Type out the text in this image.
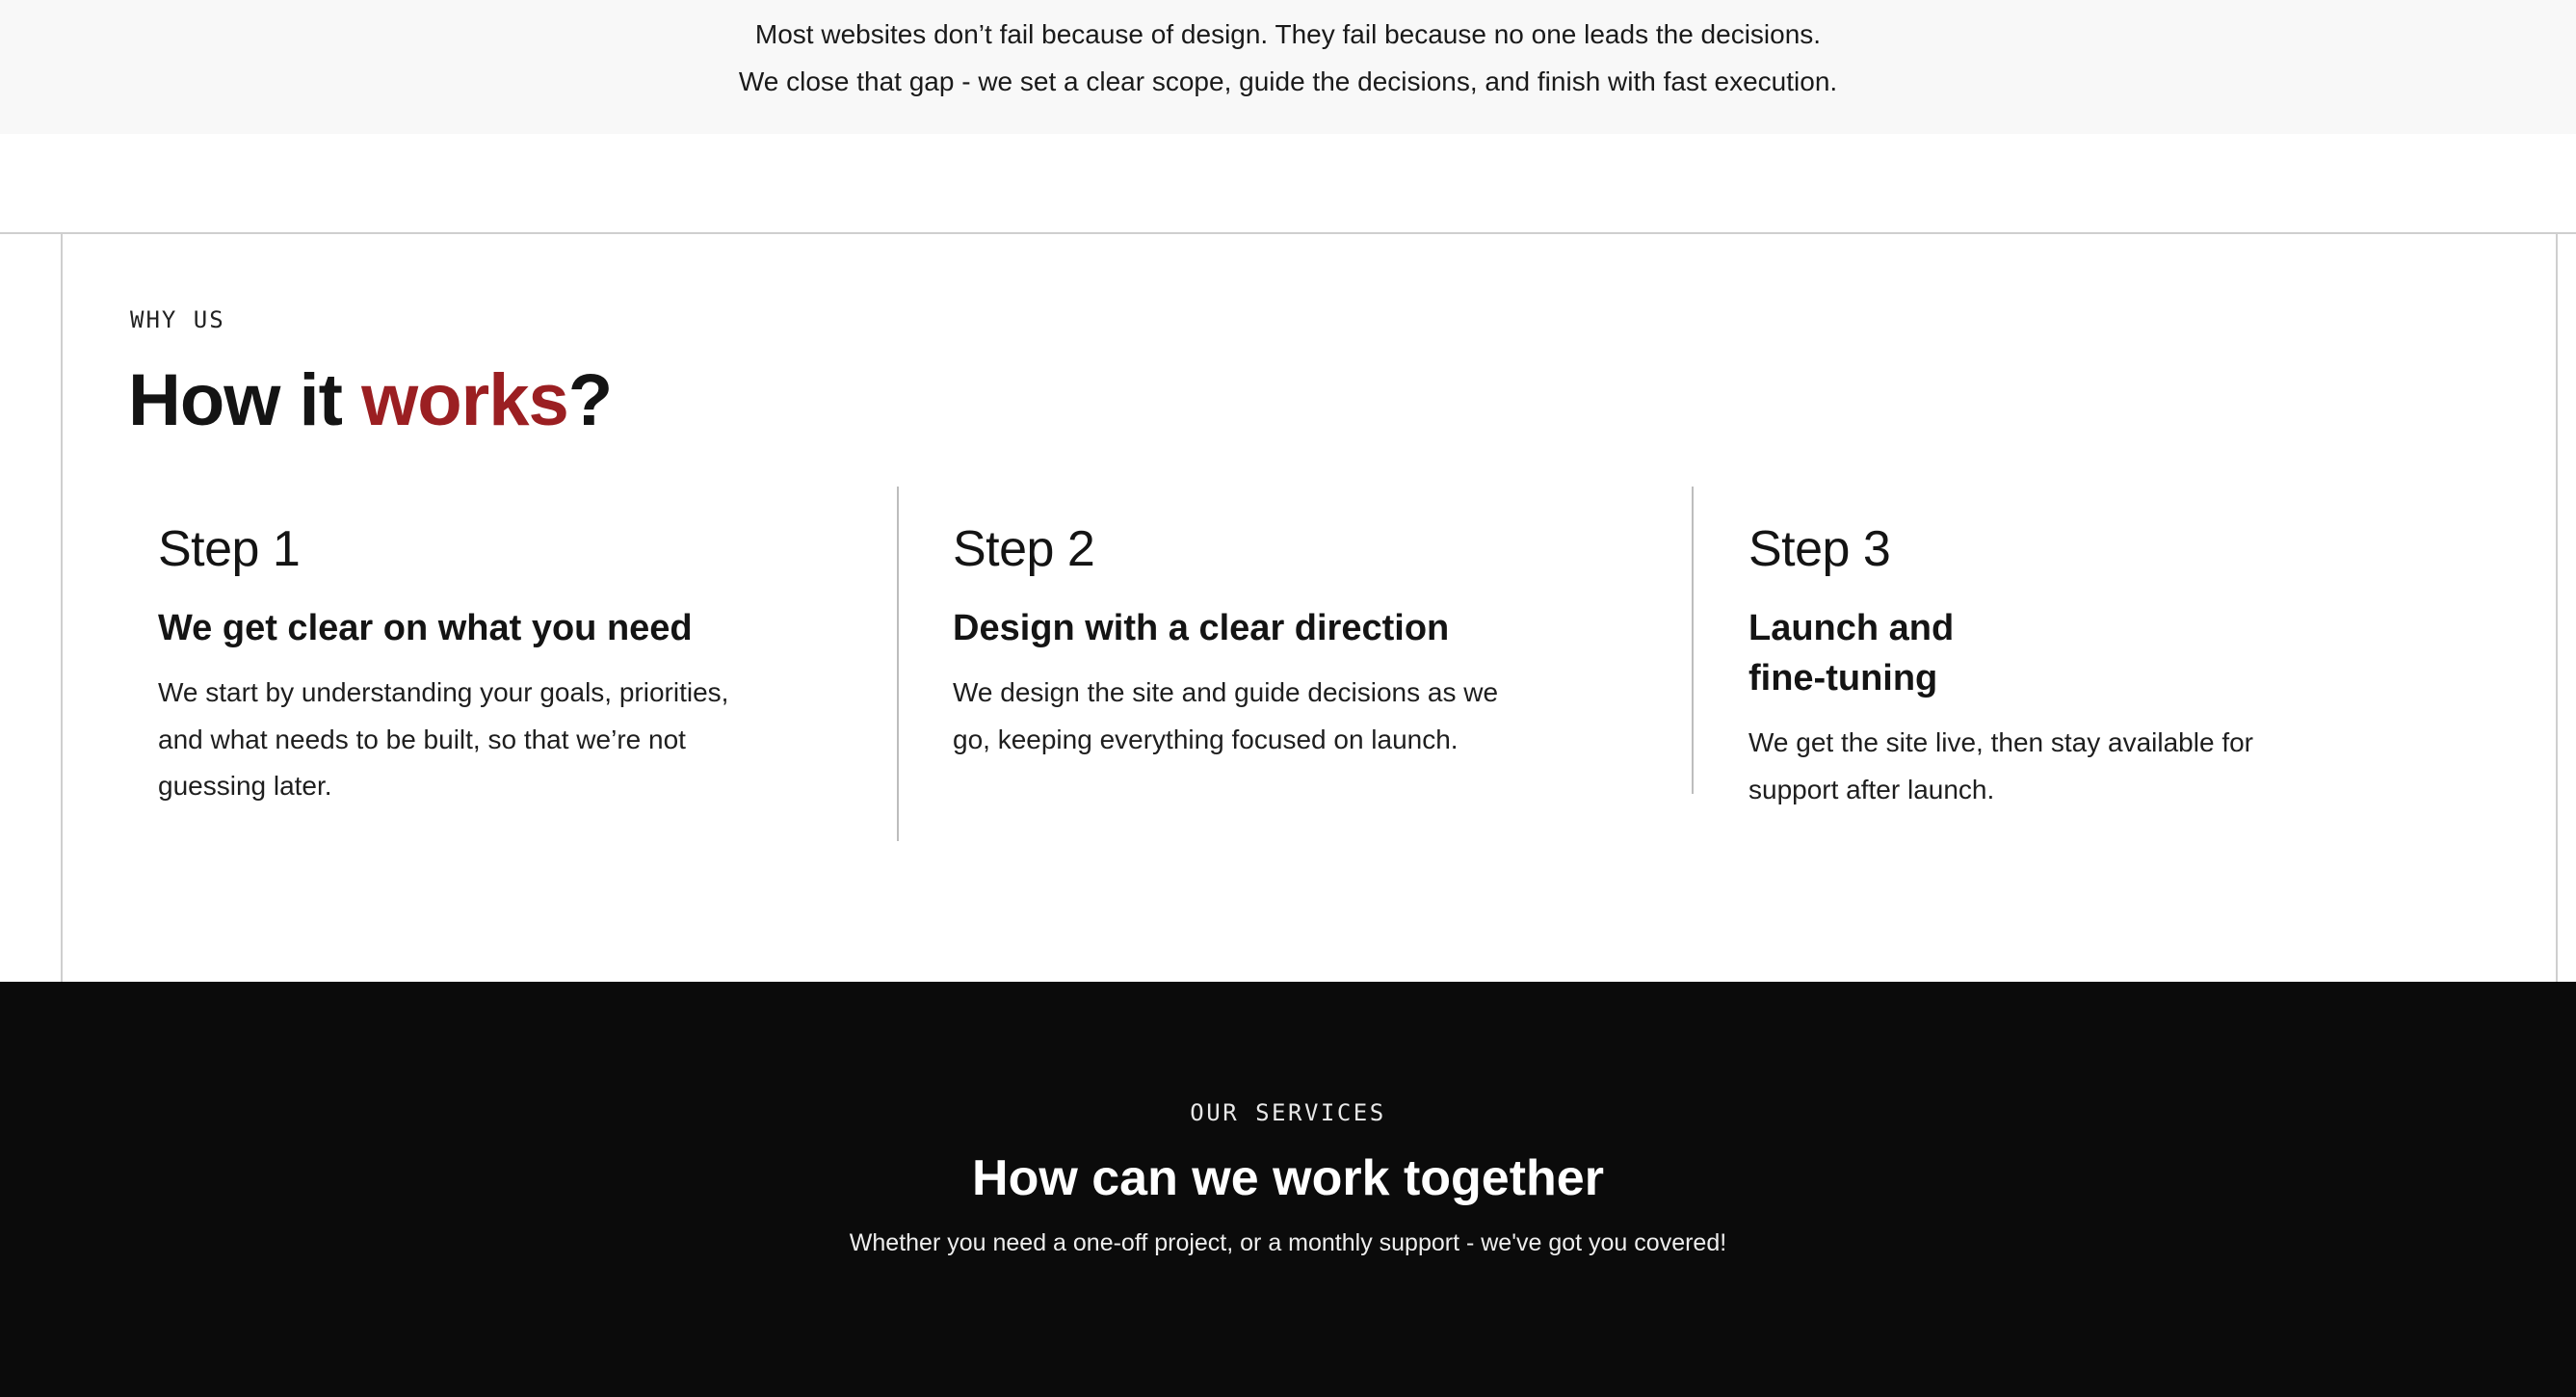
Most websites don’t fail because of design. They fail because no one leads the decisions.

We close that gap - we set a clear scope, guide the decisions, and finish with fast execution.

WHY US

How it works?
Step 1
We get clear on what you need

We start by understanding your goals, priorities, and what needs to be built, so that we’re not guessing later.

Step 2
Design with a clear direction

We design the site and guide decisions as we go, keeping everything focused on launch.

Step 3
Launch and fine-tuning

We get the site live, then stay available for support after launch.

OUR SERVICES

How can we work together

Whether you need a one-off project, or a monthly support - we've got you covered!
